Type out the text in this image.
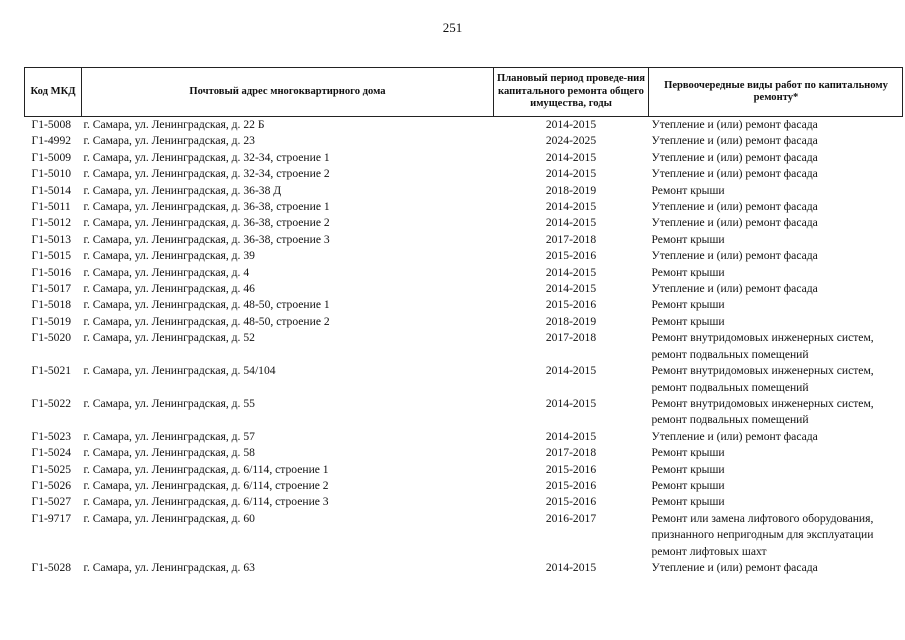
251
Код МКД	Почтовый адрес многоквартирного дома	Плановый период проведе-ния капитального ремонта общего имущества, годы	Первоочередные виды работ по капитальному ремонту*
Г1-5008	г. Самара, ул. Ленинградская, д. 22 Б	2014-2015	Утепление и (или) ремонт фасада

Г1-4992	г. Самара, ул. Ленинградская, д. 23	2024-2025	Утепление и (или) ремонт фасада

Г1-5009	г. Самара, ул. Ленинградская, д. 32-34, строение 1	2014-2015	Утепление и (или) ремонт фасада

Г1-5010	г. Самара, ул. Ленинградская, д. 32-34, строение 2	2014-2015	Утепление и (или) ремонт фасада

Г1-5014	г. Самара, ул. Ленинградская, д. 36-38 Д	2018-2019	Ремонт крыши

Г1-5011	г. Самара, ул. Ленинградская, д. 36-38, строение 1	2014-2015	Утепление и (или) ремонт фасада

Г1-5012	г. Самара, ул. Ленинградская, д. 36-38, строение 2	2014-2015	Утепление и (или) ремонт фасада

Г1-5013	г. Самара, ул. Ленинградская, д. 36-38, строение 3	2017-2018	Ремонт крыши

Г1-5015	г. Самара, ул. Ленинградская, д. 39	2015-2016	Утепление и (или) ремонт фасада

Г1-5016	г. Самара, ул. Ленинградская, д. 4	2014-2015	Ремонт крыши

Г1-5017	г. Самара, ул. Ленинградская, д. 46	2014-2015	Утепление и (или) ремонт фасада

Г1-5018	г. Самара, ул. Ленинградская, д. 48-50, строение 1	2015-2016	Ремонт крыши

Г1-5019	г. Самара, ул. Ленинградская, д. 48-50, строение 2	2018-2019	Ремонт крыши

Г1-5020	г. Самара, ул. Ленинградская, д. 52	2017-2018	Ремонт внутридомовых инженерных систем,
ремонт подвальных помещений

Г1-5021	г. Самара, ул. Ленинградская, д. 54/104	2014-2015	Ремонт внутридомовых инженерных систем,
ремонт подвальных помещений

Г1-5022	г. Самара, ул. Ленинградская, д. 55	2014-2015	Ремонт внутридомовых инженерных систем,
ремонт подвальных помещений

Г1-5023	г. Самара, ул. Ленинградская, д. 57	2014-2015	Утепление и (или) ремонт фасада

Г1-5024	г. Самара, ул. Ленинградская, д. 58	2017-2018	Ремонт крыши

Г1-5025	г. Самара, ул. Ленинградская, д. 6/114, строение 1	2015-2016	Ремонт крыши

Г1-5026	г. Самара, ул. Ленинградская, д. 6/114, строение 2	2015-2016	Ремонт крыши

Г1-5027	г. Самара, ул. Ленинградская, д. 6/114, строение 3	2015-2016	Ремонт крыши

Г1-9717	г. Самара, ул. Ленинградская, д. 60	2016-2017	Ремонт или замена лифтового оборудования,
признанного непригодным для эксплуатации
ремонт лифтовых шахт

Г1-5028	г. Самара, ул. Ленинградская, д. 63	2014-2015	Утепление и (или) ремонт фасада
